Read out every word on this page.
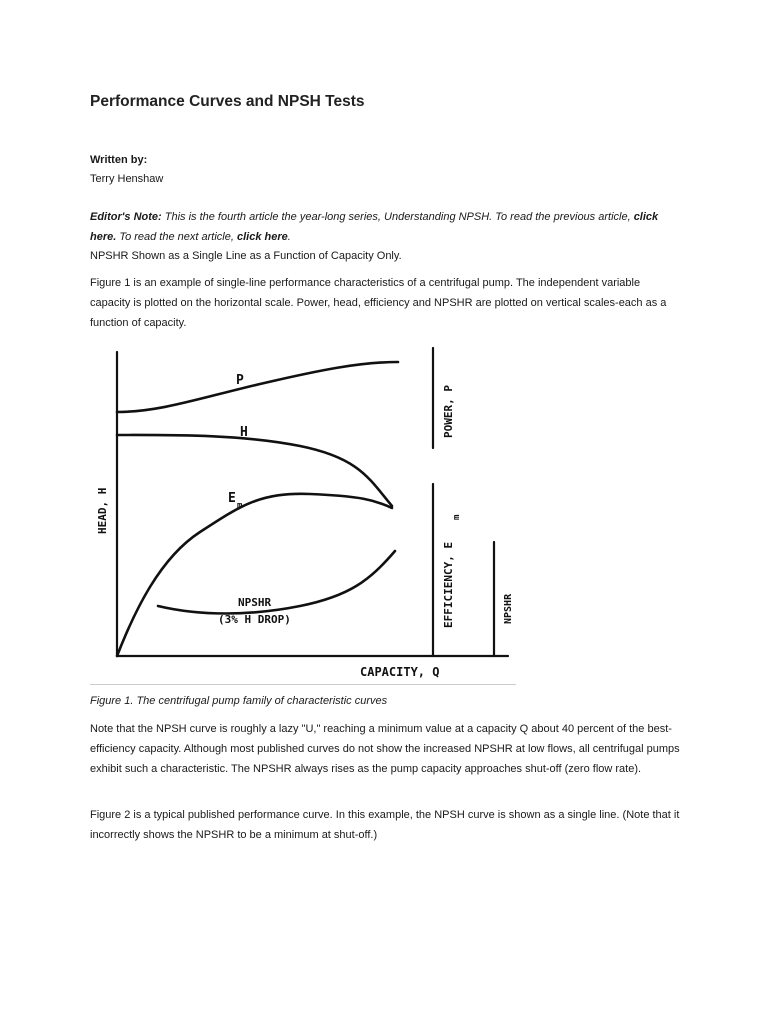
Performance Curves and NPSH Tests

Written by:

Terry Henshaw

Editor's Note: This is the fourth article the year-long series, Understanding NPSH. To read the previous article, click here. To read the next article, click here.

NPSHR Shown as a Single Line as a Function of Capacity Only.

Figure 1 is an example of single-line performance characteristics of a centrifugal pump. The independent variable capacity is plotted on the horizontal scale. Power, head, efficiency and NPSHR are plotted on vertical scales-each as a function of capacity.

P
H
E m
NPSHR
(3% H DROP)
CAPACITY, Q
HEAD, H
POWER, P
EFFICIENCY, E
m
NPSHR

Figure 1. The centrifugal pump family of characteristic curves

Note that the NPSH curve is roughly a lazy "U," reaching a minimum value at a capacity Q about 40 percent of the best-efficiency capacity. Although most published curves do not show the increased NPSHR at low flows, all centrifugal pumps exhibit such a characteristic. The NPSHR always rises as the pump capacity approaches shut-off (zero flow rate).

Figure 2 is a typical published performance curve. In this example, the NPSH curve is shown as a single line. (Note that it incorrectly shows the NPSHR to be a minimum at shut-off.)
